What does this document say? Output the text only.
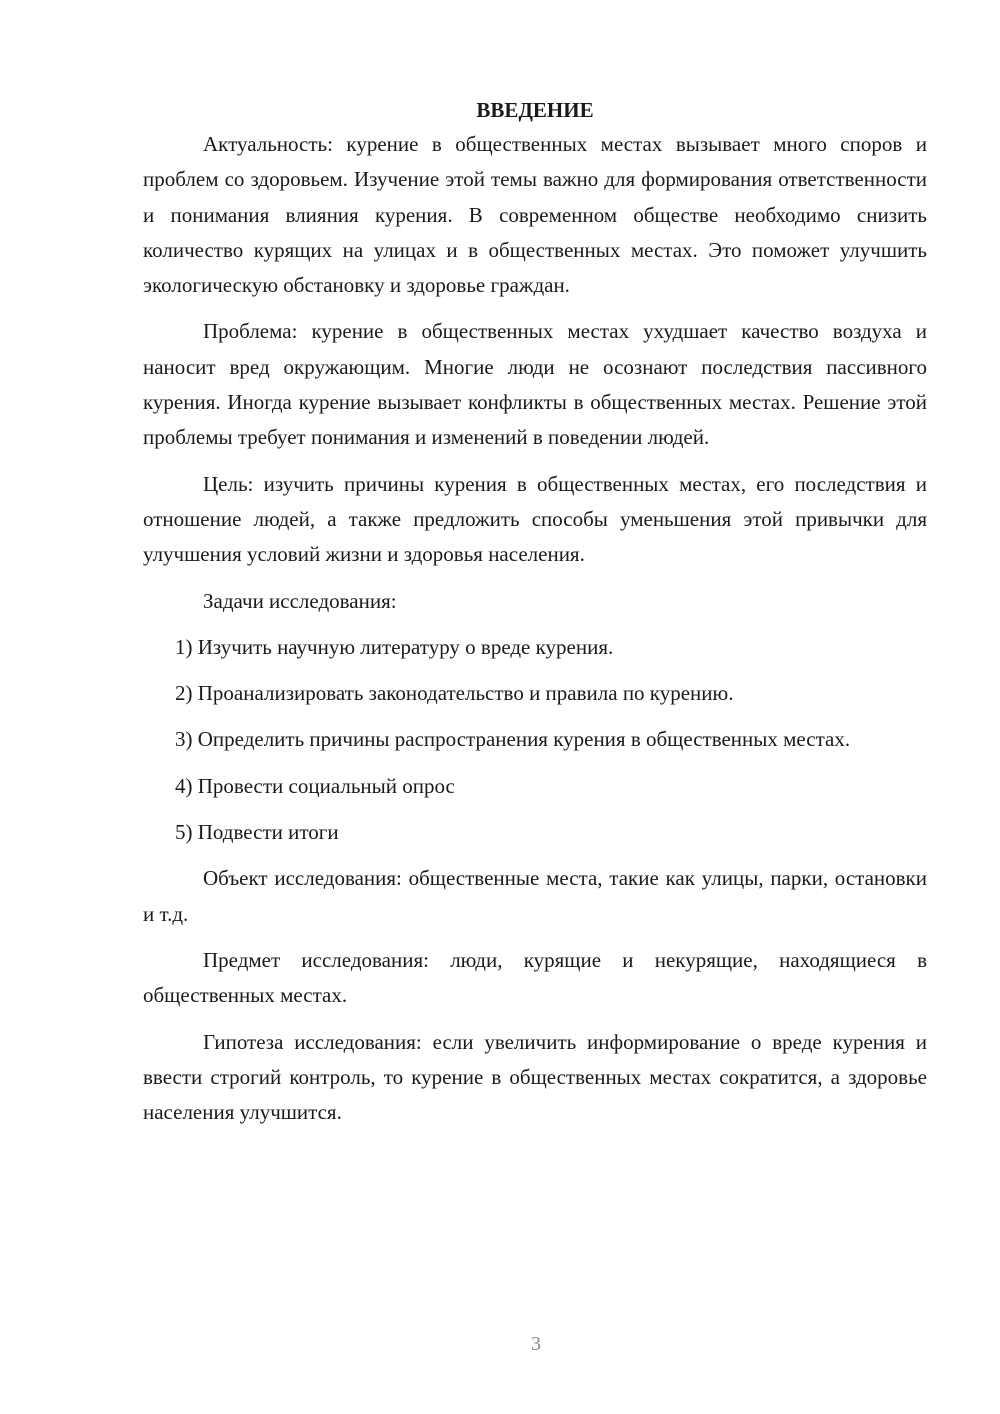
ВВЕДЕНИЕ

Актуальность: курение в общественных местах вызывает много споров и проблем со здоровьем. Изучение этой темы важно для формирования ответственности и понимания влияния курения. В современном обществе необходимо снизить количество курящих на улицах и в общественных местах. Это поможет улучшить экологическую обстановку и здоровье граждан.

Проблема: курение в общественных местах ухудшает качество воздуха и наносит вред окружающим. Многие люди не осознают последствия пассивного курения. Иногда курение вызывает конфликты в общественных местах. Решение этой проблемы требует понимания и изменений в поведении людей.

Цель: изучить причины курения в общественных местах, его последствия и отношение людей, а также предложить способы уменьшения этой привычки для улучшения условий жизни и здоровья населения.

Задачи исследования:

1) Изучить научную литературу о вреде курения.

2) Проанализировать законодательство и правила по курению.

3) Определить причины распространения курения в общественных местах.

4) Провести социальный опрос

5) Подвести итоги

Объект исследования: общественные места, такие как улицы, парки, остановки и т.д.

Предмет исследования: люди, курящие и некурящие, находящиеся в общественных местах.

Гипотеза исследования: если увеличить информирование о вреде курения и ввести строгий контроль, то курение в общественных местах сократится, а здоровье населения улучшится.

3
